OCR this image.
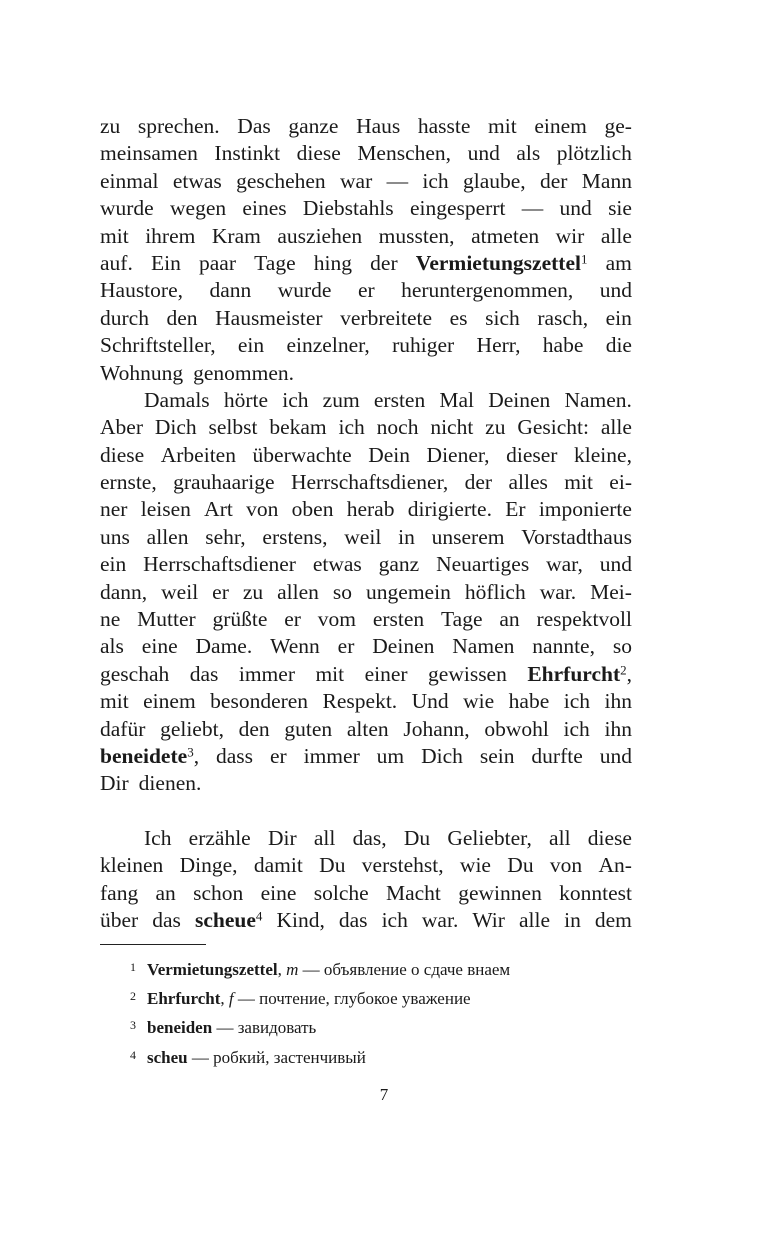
zu sprechen. Das ganze Haus hasste mit einem ge-
meinsamen Instinkt diese Menschen, und als plötzlich
einmal etwas geschehen war — ich glaube, der Mann
wurde wegen eines Diebstahls eingesperrt — und sie
mit ihrem Kram ausziehen mussten, atmeten wir alle
auf. Ein paar Tage hing der Vermietungszettel$^1$ am
Haustore, dann wurde er heruntergenommen, und
durch den Hausmeister verbreitete es sich rasch, ein
Schriftsteller, ein einzelner, ruhiger Herr, habe die
Wohnung genommen.
Damals hörte ich zum ersten Mal Deinen Namen.
Aber Dich selbst bekam ich noch nicht zu Gesicht: alle
diese Arbeiten überwachte Dein Diener, dieser kleine,
ernste, grauhaarige Herrschaftsdiener, der alles mit ei-
ner leisen Art von oben herab dirigierte. Er imponierte
uns allen sehr, erstens, weil in unserem Vorstadthaus
ein Herrschaftsdiener etwas ganz Neuartiges war, und
dann, weil er zu allen so ungemein höflich war. Mei-
ne Mutter grüßte er vom ersten Tage an respektvoll
als eine Dame. Wenn er Deinen Namen nannte, so
geschah das immer mit einer gewissen Ehrfurcht$^2$,
mit einem besonderen Respekt. Und wie habe ich ihn
dafür geliebt, den guten alten Johann, obwohl ich ihn
beneidete$^3$, dass er immer um Dich sein durfte und
Dir dienen.
Ich erzähle Dir all das, Du Geliebter, all diese
kleinen Dinge, damit Du verstehst, wie Du von An-
fang an schon eine solche Macht gewinnen konntest
über das scheue$^4$ Kind, das ich war. Wir alle in dem
1 Vermietungszettel, m — объявление о сдаче внаем
2 Ehrfurcht, f — почтение, глубокое уважение
3 beneiden — завидовать
4 scheu — робкий, застенчивый
7
